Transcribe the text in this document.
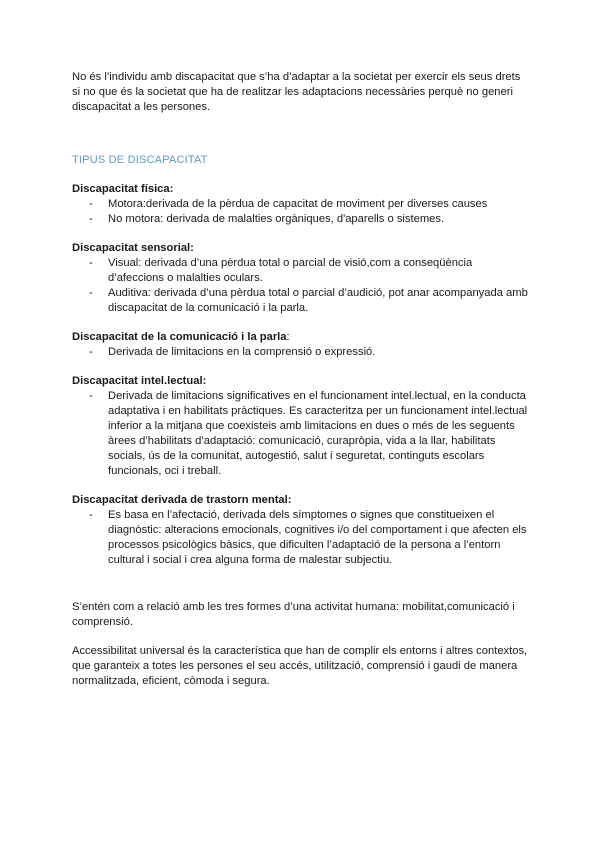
No és l’individu amb discapacitat que s’ha d’adaptar a la societat per exercir els seus drets si no que és la societat que ha de realitzar les adaptacions necessàries perquè no generi discapacitat a les persones.

TIPUS DE DISCAPACITAT

Discapacitat física:

- Motora:derivada de la pèrdua de capacitat de moviment per diverses causes
- No motora: derivada de malalties orgàniques, d'aparells o sistemes.

Discapacitat sensorial:

- Visual: derivada d’una pèrdua total o parcial de visió,com a conseqüència d’afeccions o malalties oculars.
- Auditiva: derivada d’una pèrdua total o parcial d’audició, pot anar acompanyada amb discapacitat de la comunicació i la parla.

Discapacitat de la comunicació i la parla:

- Derivada de limitacions en la comprensió o expressió.

Discapacitat intel.lectual:

- Derivada de limitacions significatives en el funcionament intel.lectual, en la conducta adaptativa i en habilitats pràctiques. Es caracteritza per un funcionament intel.lectual inferior a la mitjana que coexisteis amb limitacions en dues o més de les seguents àrees d’habilitats d’adaptació: comunicació, curapròpia, vida a la llar, habilitats socials, ús de la comunitat, autogestió, salut i seguretat, continguts escolars funcionals, oci i treball.

Discapacitat derivada de trastorn mental:

- Es basa en l’afectació, derivada dels símptomes o signes que constitueixen el diagnòstic: alteracions emocionals, cognitives i/o del comportament i que afecten els processos psicològics bàsics, que dificulten l’adaptació de la persona a l’entorn cultural i social i crea alguna forma de malestar subjectiu.

S’entén com a relació amb les tres formes d’una activitat humana: mobilitat,comunicació i comprensió.

Accessibilitat universal és la característica que han de complir els entorns i altres contextos, que garanteix a totes les persones el seu accés, utilització, comprensió i gaudi de manera normalitzada, eficient, còmoda i segura.
